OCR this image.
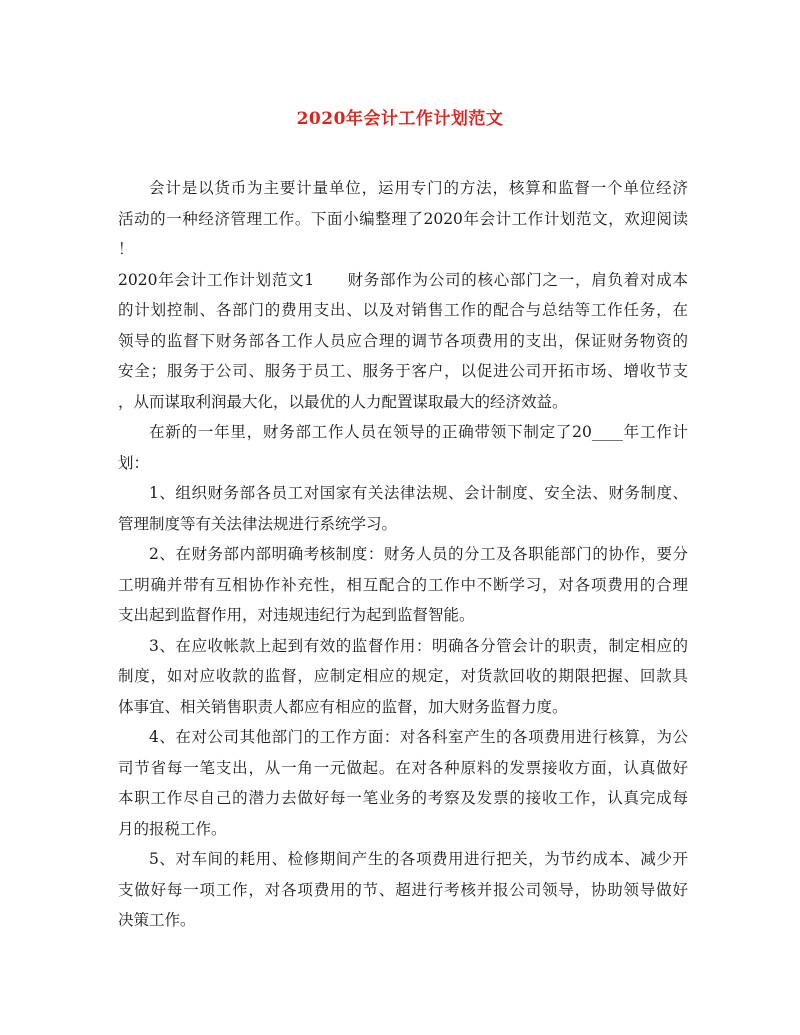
2020年会计工作计划范文
会计是以货币为主要计量单位，运用专门的方法，核算和监督一个单位经济
活动的一种经济管理工作。下面小编整理了2020年会计工作计划范文，欢迎阅读
！
2020年会计工作计划范文1　　财务部作为公司的核心部门之一，肩负着对成本
的计划控制、各部门的费用支出、以及对销售工作的配合与总结等工作任务，在
领导的监督下财务部各工作人员应合理的调节各项费用的支出，保证财务物资的
安全；服务于公司、服务于员工、服务于客户，以促进公司开拓市场、增收节支
，从而谋取利润最大化，以最优的人力配置谋取最大的经济效益。
在新的一年里，财务部工作人员在领导的正确带领下制定了20____年工作计
划：
1、组织财务部各员工对国家有关法律法规、会计制度、安全法、财务制度、
管理制度等有关法律法规进行系统学习。
2、在财务部内部明确考核制度：财务人员的分工及各职能部门的协作，要分
工明确并带有互相协作补充性，相互配合的工作中不断学习，对各项费用的合理
支出起到监督作用，对违规违纪行为起到监督智能。
3、在应收帐款上起到有效的监督作用：明确各分管会计的职责，制定相应的
制度，如对应收款的监督，应制定相应的规定，对货款回收的期限把握、回款具
体事宜、相关销售职责人都应有相应的监督，加大财务监督力度。
4、在对公司其他部门的工作方面：对各科室产生的各项费用进行核算，为公
司节省每一笔支出，从一角一元做起。在对各种原料的发票接收方面，认真做好
本职工作尽自己的潜力去做好每一笔业务的考察及发票的接收工作，认真完成每
月的报税工作。
5、对车间的耗用、检修期间产生的各项费用进行把关，为节约成本、减少开
支做好每一项工作，对各项费用的节、超进行考核并报公司领导，协助领导做好
决策工作。
